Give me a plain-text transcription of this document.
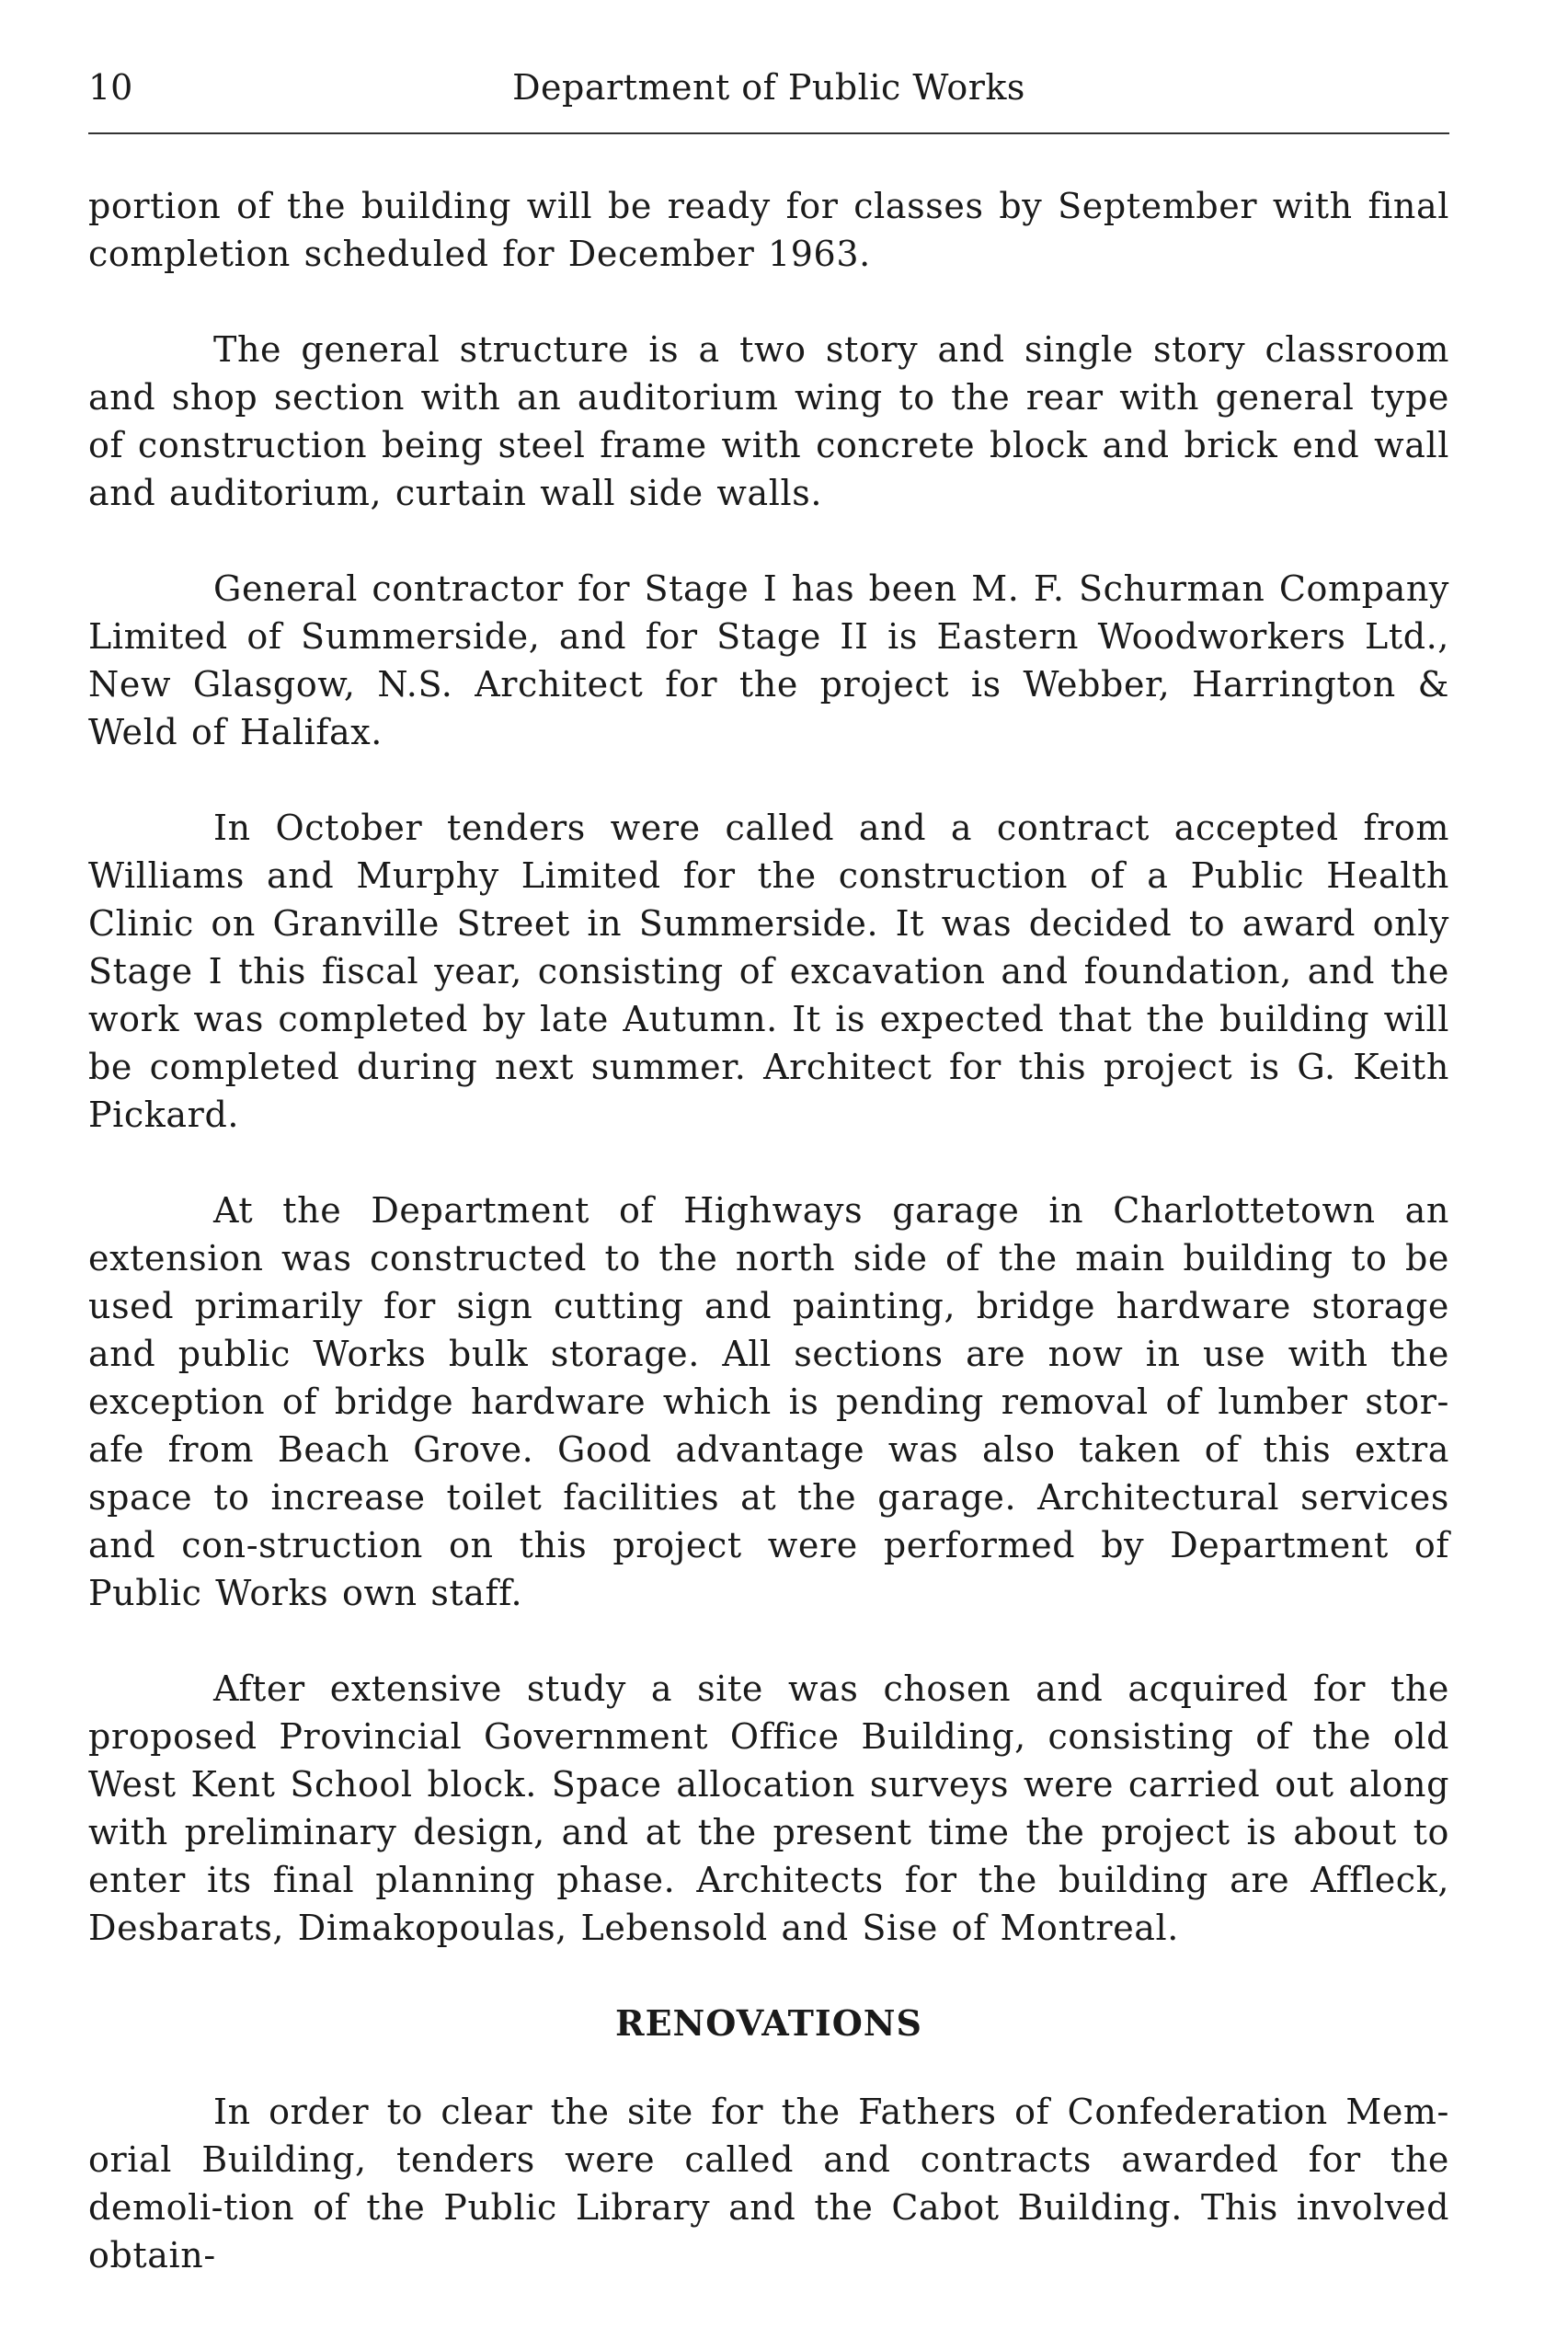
10	Department of Public Works

portion of the building will be ready for classes by September with final completion scheduled for December 1963.

The general structure is a two story and single story classroom and shop section with an auditorium wing to the rear with general type of construction being steel frame with concrete block and brick end wall and auditorium, curtain wall side walls.

General contractor for Stage I has been M. F. Schurman Company Limited of Summerside, and for Stage II is Eastern Woodworkers Ltd., New Glasgow, N.S. Architect for the project is Webber, Harrington & Weld of Halifax.

In October tenders were called and a contract accepted from Williams and Murphy Limited for the construction of a Public Health Clinic on Granville Street in Summerside. It was decided to award only Stage I this fiscal year, consisting of excavation and foundation, and the work was completed by late Autumn. It is expected that the building will be completed during next summer. Architect for this project is G. Keith Pickard.

At the Department of Highways garage in Charlottetown an extension was constructed to the north side of the main building to be used primarily for sign cutting and painting, bridge hardware storage and public Works bulk storage. All sections are now in use with the exception of bridge hardware which is pending removal of lumber stor-afe from Beach Grove. Good advantage was also taken of this extra space to increase toilet facilities at the garage. Architectural services and con-struction on this project were performed by Department of Public Works own staff.

After extensive study a site was chosen and acquired for the proposed Provincial Government Office Building, consisting of the old West Kent School block. Space allocation surveys were carried out along with preliminary design, and at the present time the project is about to enter its final planning phase. Architects for the building are Affleck, Desbarats, Dimakopoulas, Lebensold and Sise of Montreal.

RENOVATIONS

In order to clear the site for the Fathers of Confederation Mem-orial Building, tenders were called and contracts awarded for the demoli-tion of the Public Library and the Cabot Building. This involved obtain-
